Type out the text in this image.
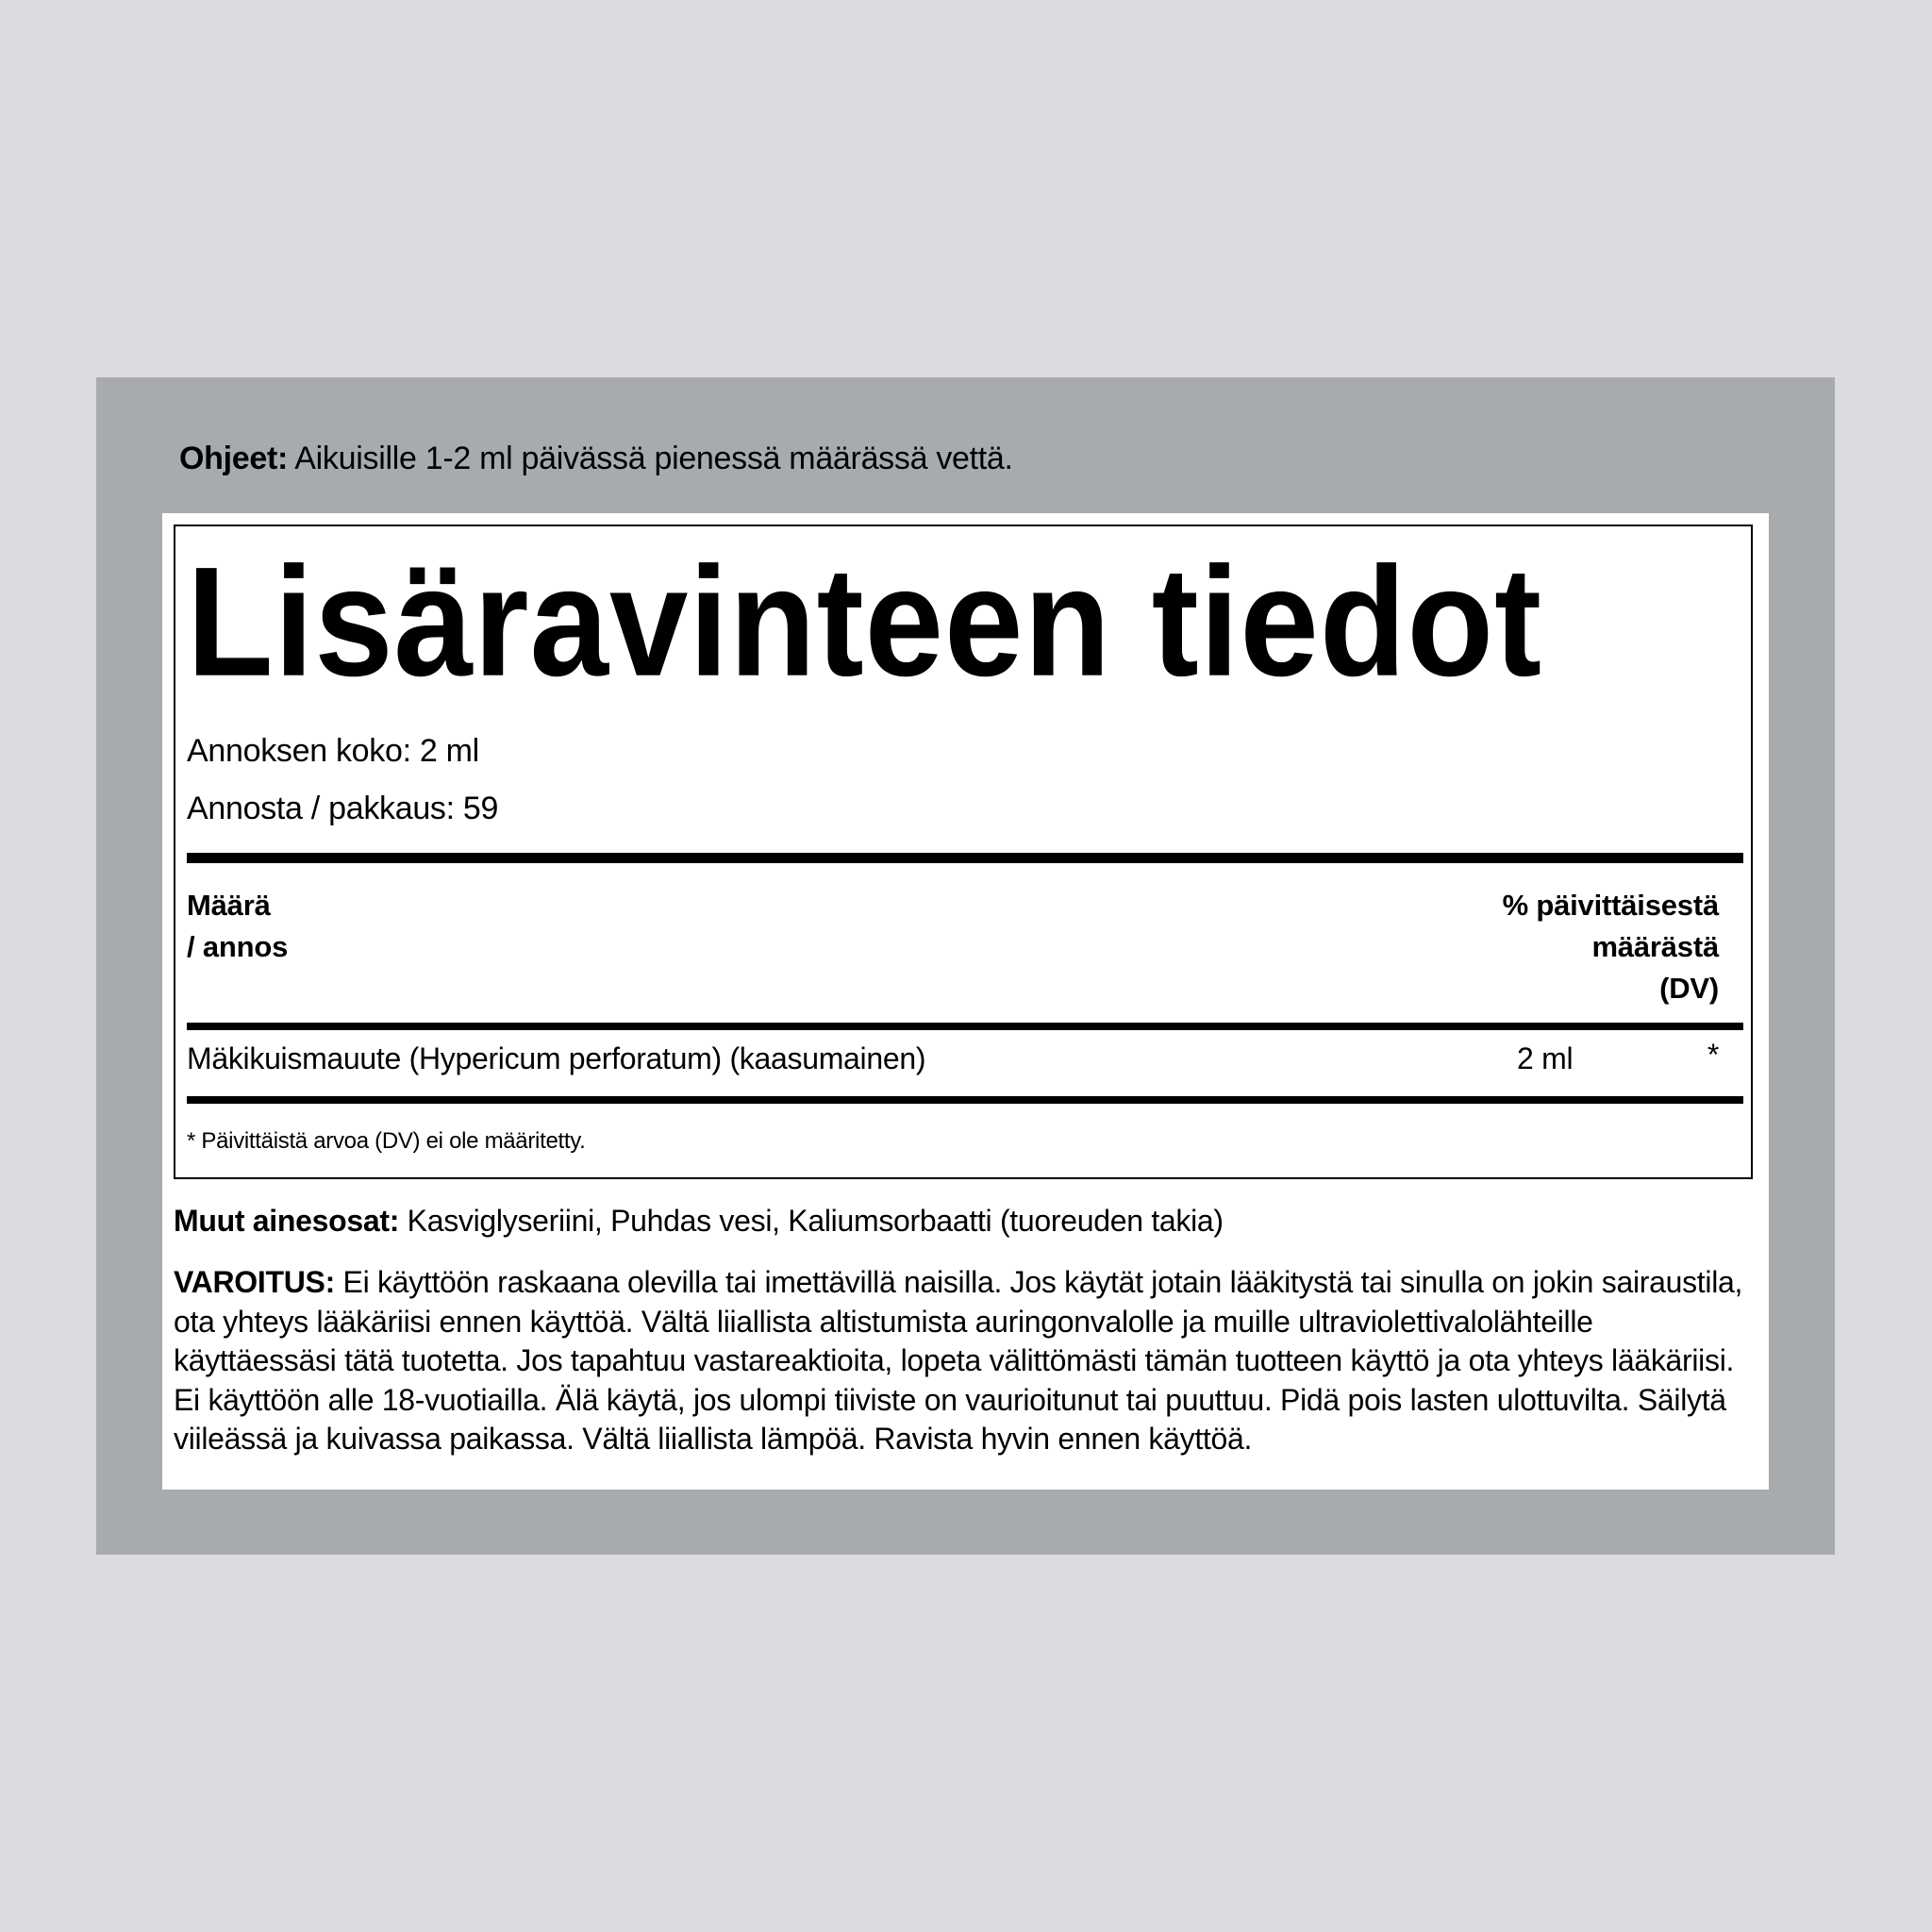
Ohjeet: Aikuisille 1-2 ml päivässä pienessä määrässä vettä.
Lisäravinteen tiedot
Annoksen koko: 2 ml
Annosta / pakkaus: 59
Määrä
/ annos
% päivittäisestä
määrästä
(DV)
Mäkikuismauute (Hypericum perforatum) (kaasumainen)	2 ml	*
* Päivittäistä arvoa (DV) ei ole määritetty.
Muut ainesosat: Kasviglyseriini, Puhdas vesi, Kaliumsorbaatti (tuoreuden takia)
VAROITUS: Ei käyttöön raskaana olevilla tai imettävillä naisilla. Jos käytät jotain lääkitystä tai sinulla on jokin sairaustila,
ota yhteys lääkäriisi ennen käyttöä. Vältä liiallista altistumista auringonvalolle ja muille ultraviolettivalolähteille
käyttäessäsi tätä tuotetta. Jos tapahtuu vastareaktioita, lopeta välittömästi tämän tuotteen käyttö ja ota yhteys lääkäriisi.
Ei käyttöön alle 18-vuotiailla. Älä käytä, jos ulompi tiiviste on vaurioitunut tai puuttuu. Pidä pois lasten ulottuvilta. Säilytä
viileässä ja kuivassa paikassa. Vältä liiallista lämpöä. Ravista hyvin ennen käyttöä.
